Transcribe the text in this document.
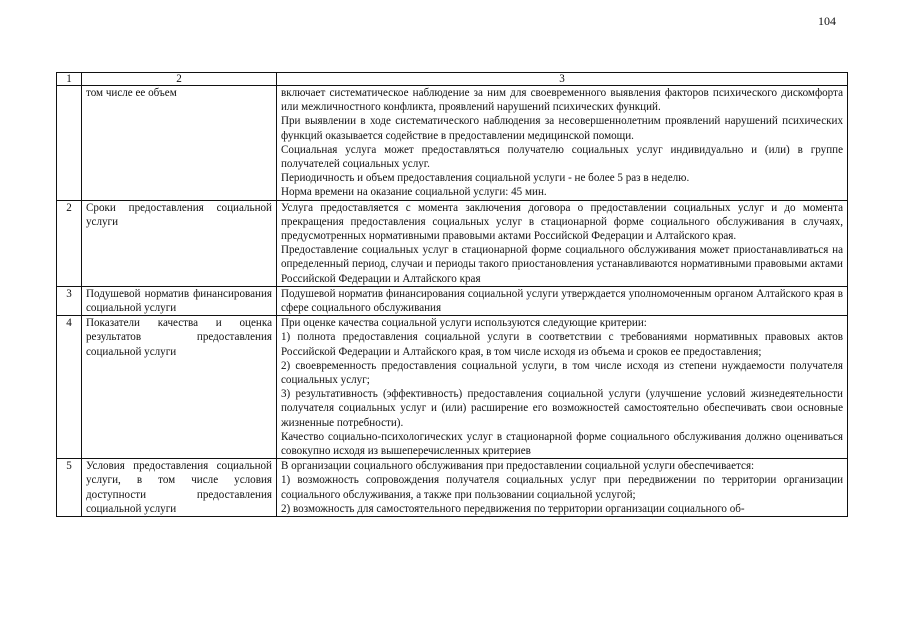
104
1	2	3
	том числе ее объем	включает систематическое наблюдение за ним для своевременного выявления факторов психического дискомфорта или межличностного конфликта, проявлений нарушений психических функций.
При выявлении в ходе систематического наблюдения за несовершеннолетним проявлений нарушений психических функций оказывается содействие в предоставлении медицинской помощи.
Социальная услуга может предоставляться получателю социальных услуг индивидуально и (или) в группе получателей социальных услуг.
Периодичность и объем предоставления социальной услуги - не более 5 раз в неделю.
Норма времени на оказание социальной услуги: 45 мин.

2	Сроки предоставления социальной услуги	Услуга предоставляется с момента заключения договора о предоставлении социальных услуг и до момента прекращения предоставления социальных услуг в стационарной форме социального обслуживания в случаях, предусмотренных нормативными правовыми актами Российской Федерации и Алтайского края.
Предоставление социальных услуг в стационарной форме социального обслуживания может приостанавливаться на определенный период, случаи и периоды такого приостановления устанавливаются нормативными правовыми актами Российской Федерации и Алтайского края

3	Подушевой норматив финансирования социальной услуги	Подушевой норматив финансирования социальной услуги утверждается уполномоченным органом Алтайского края в сфере социального обслуживания

4	Показатели качества и оценка результатов предоставления социальной услуги	При оценке качества социальной услуги используются следующие критерии:
1) полнота предоставления социальной услуги в соответствии с требованиями нормативных правовых актов Российской Федерации и Алтайского края, в том числе исходя из объема и сроков ее предоставления;
2) своевременность предоставления социальной услуги, в том числе исходя из степени нуждаемости получателя социальных услуг;
3) результативность (эффективность) предоставления социальной услуги (улучшение условий жизнедеятельности получателя социальных услуг и (или) расширение его возможностей самостоятельно обеспечивать свои основные жизненные потребности).
Качество социально-психологических услуг в стационарной форме социального обслуживания должно оцениваться совокупно исходя из вышеперечисленных критериев

5	Условия предоставления социальной услуги, в том числе условия доступности предоставления социальной услуги	В организации социального обслуживания при предоставлении социальной услуги обеспечивается:
1) возможность сопровождения получателя социальных услуг при передвижении по территории организации социального обслуживания, а также при пользовании социальной услугой;
2) возможность для самостоятельного передвижения по территории организации социального об-
